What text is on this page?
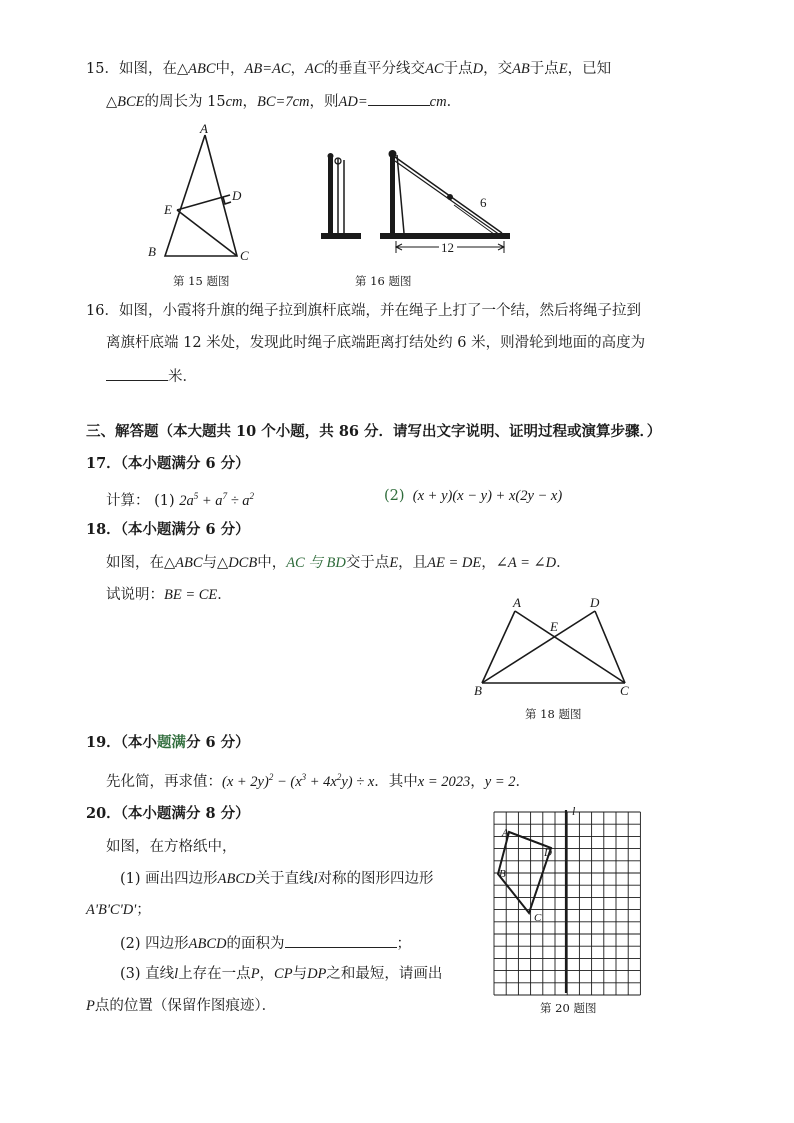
15．如图，在△ABC中，AB=AC，AC的垂直平分线交AC于点D，交AB于点E，已知
△BCE的周长为 15cm，BC=7cm，则AD=	cm．
A
D
E
B	C
第 15 题图
6
12
第 16 题图
16．如图，小霞将升旗的绳子拉到旗杆底端，并在绳子上打了一个结，然后将绳子拉到
离旗杆底端 12 米处，发现此时绳子底端距离打结处约 6 米，则滑轮到地面的高度为
米．
三、解答题（本大题共 10 个小题，共 86 分．请写出文字说明、证明过程或演算步骤．）
17．（本小题满分 6 分）
计算： (1) $2a^5 + a^7 \div a^2$	(2)  (x + y)(x − y) + x(2y − x)
18．（本小题满分 6 分）
如图，在△ABC与△DCB中，AC 与 BD交于点E，且AE = DE，∠A = ∠D．
试说明：BE = CE．	A	D
E
B	C
第 18 题图
19．（本小题满分 6 分）
先化简，再求值：$(x + 2y)^2 - (x^3 + 4x^2y) \div x$．其中x = 2023，y = 2．
20．（本小题满分 8 分）
如图，在方格纸中，
(1) 画出四边形ABCD关于直线l对称的图形四边形
A'B'C'D'；
(2) 四边形ABCD的面积为	；
(3) 直线l上存在一点P，CP与DP之和最短，请画出
P点的位置（保留作图痕迹）．
l
A
B
C
D
第 20 题图
